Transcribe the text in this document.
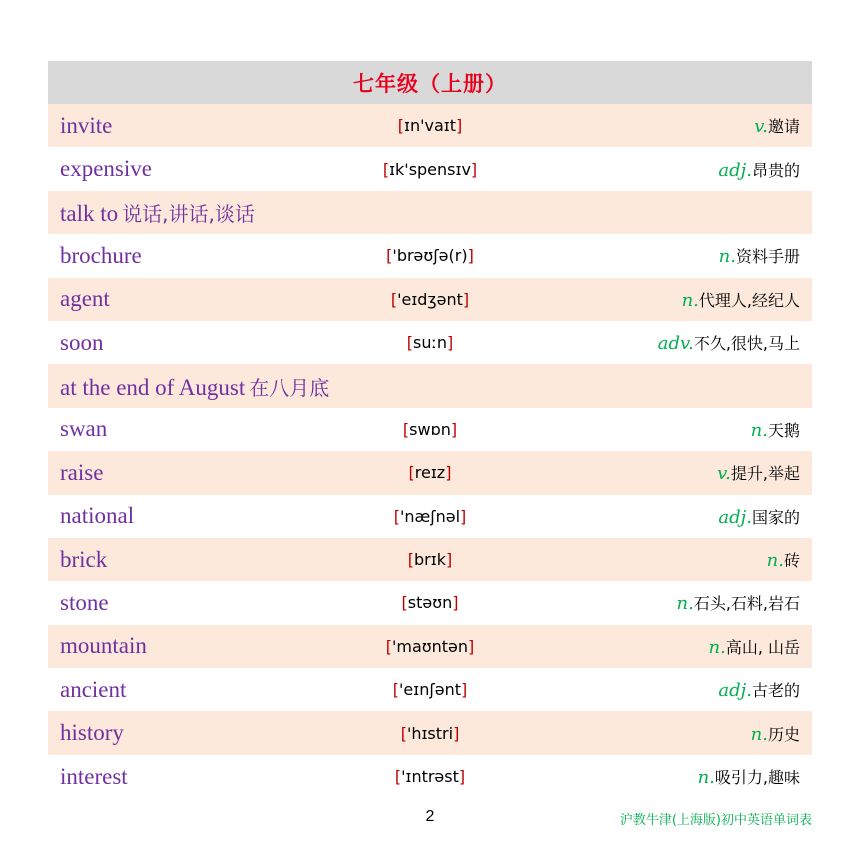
七年级（上册）
invite	[ɪn'vaɪt]	v.邀请
expensive	[ɪk'spensɪv]	adj.昂贵的
talk to 说话,讲话,谈话
brochure	['brəʊʃə(r)]	n.资料手册
agent	['eɪdʒənt]	n.代理人,经纪人
soon	[suːn]	adv.不久,很快,马上
at the end of August 在八月底
swan	[swɒn]	n.天鹅
raise	[reɪz]	v.提升,举起
national	['næʃnəl]	adj.国家的
brick	[brɪk]	n.砖
stone	[stəʊn]	n.石头,石料,岩石
mountain	['maʊntən]	n.高山, 山岳
ancient	['eɪnʃənt]	adj.古老的
history	['hɪstri]	n.历史
interest	['ɪntrəst]	n.吸引力,趣味
2	沪教牛津(上海版)初中英语单词表
